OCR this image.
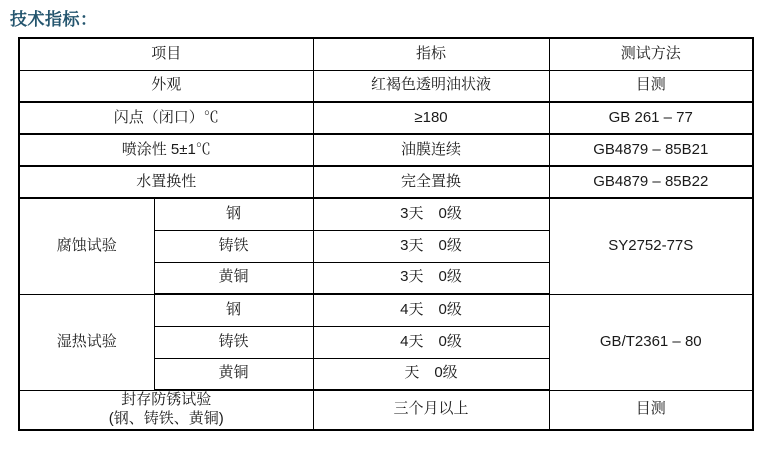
技术指标：
项目		指标	测试方法
外观		红褐色透明油状液	目测
闪点（闭口）℃		≥180	GB 261 – 77
喷涂性 5±1℃		油膜连续	GB4879 – 85B21
水置换性		完全置换	GB4879 – 85B22
腐蚀试验	钢	3天　0级	SY2752-77S
	铸铁	3天　0级	
	黄铜	3天　0级	
湿热试验	钢	4天　0级	GB/T2361 – 80
	铸铁	4天　0级	
	黄铜	天　0级	

封存防锈试验
(钢、铸铁、黄铜)		三个月以上	目测
